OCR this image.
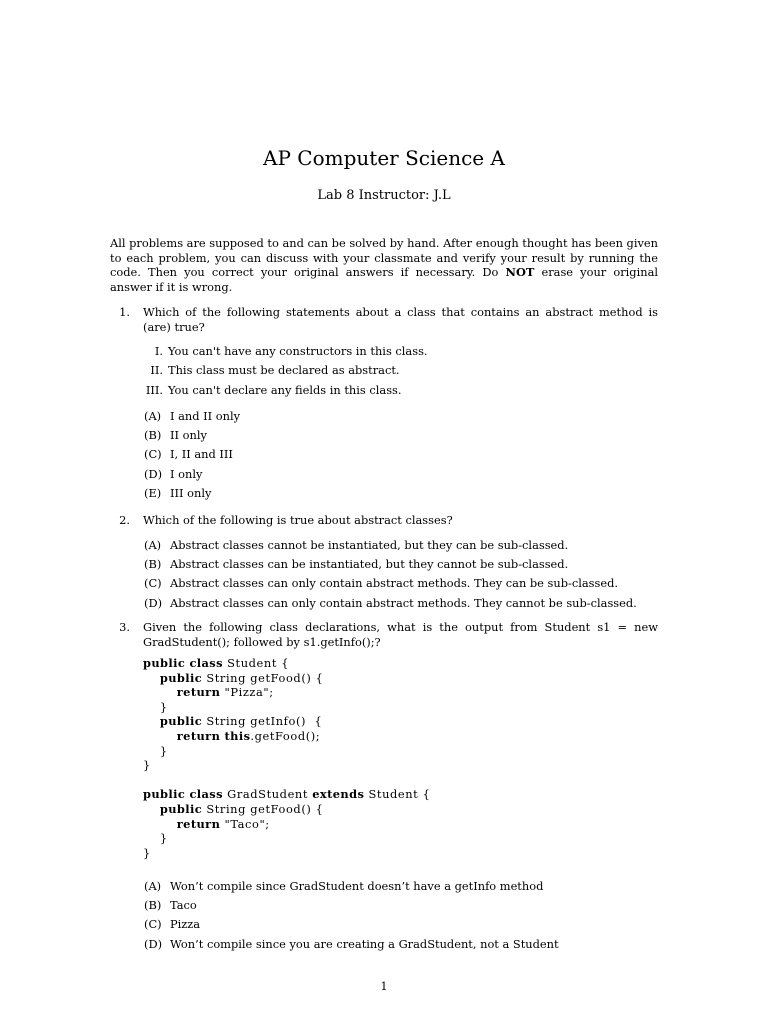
AP Computer Science A
Lab 8 Instructor: J.L
All problems are supposed to and can be solved by hand. After enough thought has been given to each problem, you can discuss with your classmate and verify your result by running the code. Then you correct your original answers if necessary. Do NOT erase your original answer if it is wrong.
1. Which of the following statements about a class that contains an abstract method is (are) true?
I. You can't have any constructors in this class.
II. This class must be declared as abstract.
III. You can't declare any fields in this class.
(A) I and II only
(B) II only
(C) I, II and III
(D) I only
(E) III only
2. Which of the following is true about abstract classes?
(A) Abstract classes cannot be instantiated, but they can be sub-classed.
(B) Abstract classes can be instantiated, but they cannot be sub-classed.
(C) Abstract classes can only contain abstract methods. They can be sub-classed.
(D) Abstract classes can only contain abstract methods. They cannot be sub-classed.
3. Given the following class declarations, what is the output from Student s1 = new GradStudent(); followed by s1.getInfo();?
public class Student {
public String getFood() {
return "Pizza";
}
public String getInfo()  {
return this.getFood();
}
}

public class GradStudent extends Student {
public String getFood() {
return "Taco";
}
}
(A) Won’t compile since GradStudent doesn’t have a getInfo method
(B) Taco
(C) Pizza
(D) Won’t compile since you are creating a GradStudent, not a Student
1
